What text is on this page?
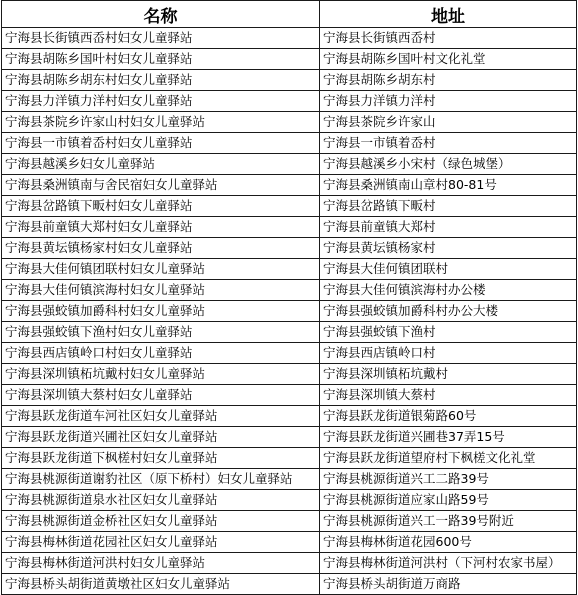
名称	地址
宁海县长街镇西岙村妇女儿童驿站	宁海县长街镇西岙村
宁海县胡陈乡国叶村妇女儿童驿站	宁海县胡陈乡国叶村文化礼堂
宁海县胡陈乡胡东村妇女儿童驿站	宁海县胡陈乡胡东村
宁海县力洋镇力洋村妇女儿童驿站	宁海县力洋镇力洋村
宁海县茶院乡许家山村妇女儿童驿站	宁海县茶院乡许家山
宁海县一市镇着岙村妇女儿童驿站	宁海县一市镇着岙村
宁海县越溪乡妇女儿童驿站	宁海县越溪乡小宋村（绿色城堡）
宁海县桑洲镇南与舍民宿妇女儿童驿站	宁海县桑洲镇南山章村80-81号
宁海县岔路镇下畈村妇女儿童驿站	宁海县岔路镇下畈村
宁海县前童镇大郑村妇女儿童驿站	宁海县前童镇大郑村
宁海县黄坛镇杨家村妇女儿童驿站	宁海县黄坛镇杨家村
宁海县大佳何镇团联村妇女儿童驿站	宁海县大佳何镇团联村
宁海县大佳何镇滨海村妇女儿童驿站	宁海县大佳何镇滨海村办公楼
宁海县强蛟镇加爵科村妇女儿童驿站	宁海县强蛟镇加爵科村办公大楼
宁海县强蛟镇下渔村妇女儿童驿站	宁海县强蛟镇下渔村
宁海县西店镇岭口村妇女儿童驿站	宁海县西店镇岭口村
宁海县深圳镇柘坑戴村妇女儿童驿站	宁海县深圳镇柘坑戴村
宁海县深圳镇大蔡村妇女儿童驿站	宁海县深圳镇大蔡村
宁海县跃龙街道车河社区妇女儿童驿站	宁海县跃龙街道银菊路60号
宁海县跃龙街道兴圃社区妇女儿童驿站	宁海县跃龙街道兴圃巷37弄15号
宁海县跃龙街道下枫槎村妇女儿童驿站	宁海县跃龙街道望府村下枫槎文化礼堂
宁海县桃源街道谢豹社区（原下桥村）妇女儿童驿站	宁海县桃源街道兴工二路39号
宁海县桃源街道泉水社区妇女儿童驿站	宁海县桃源街道应家山路59号
宁海县桃源街道金桥社区妇女儿童驿站	宁海县桃源街道兴工一路39号附近
宁海县梅林街道花园社区妇女儿童驿站	宁海县梅林街道花园600号
宁海县梅林街道河洪村妇女儿童驿站	宁海县梅林街道河洪村（下河村农家书屋）
宁海县桥头胡街道黄墩社区妇女儿童驿站	宁海县桥头胡街道万商路
